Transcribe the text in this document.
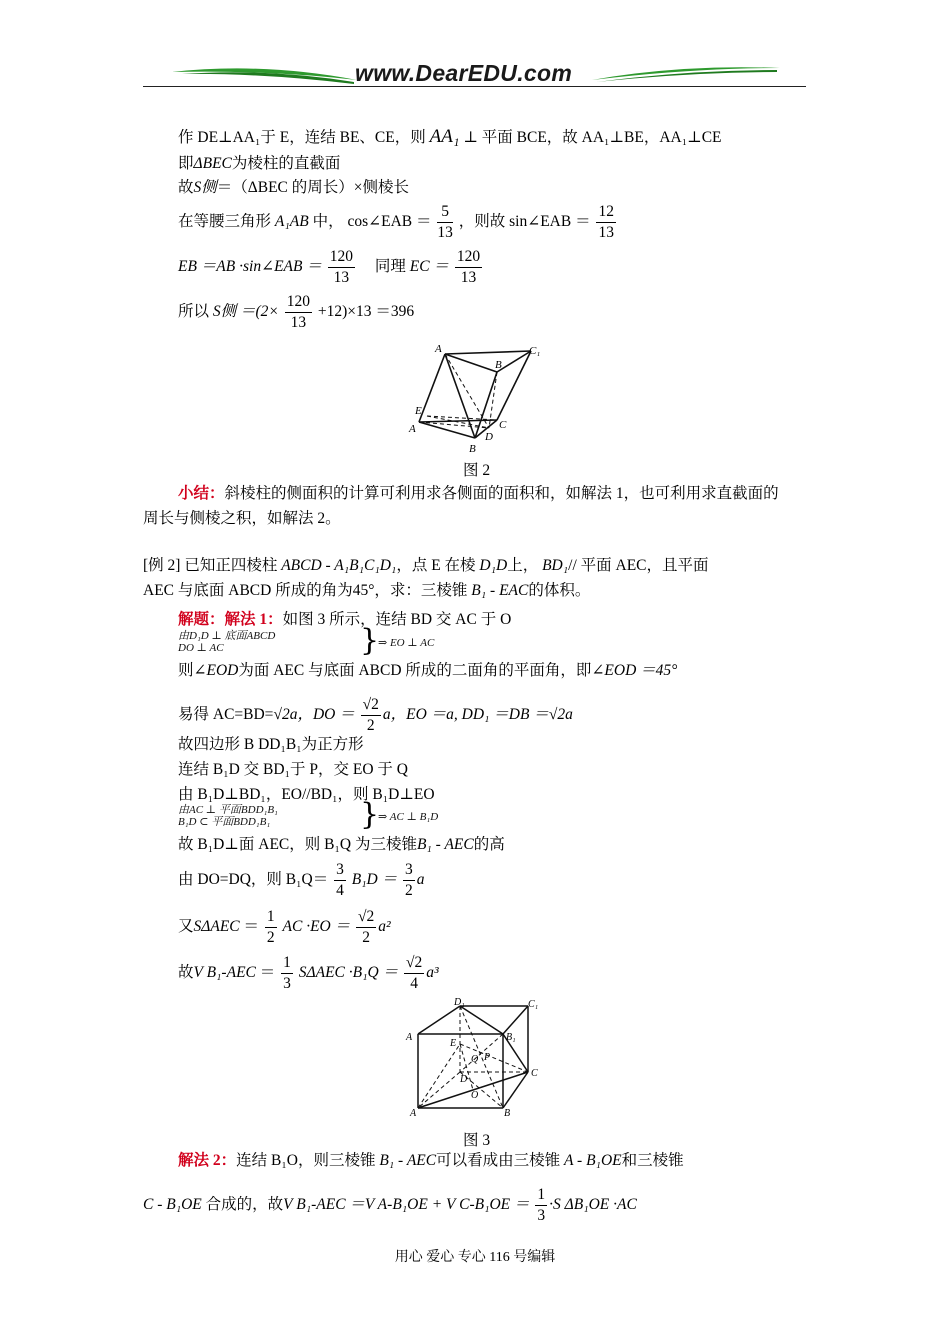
www.DearEDU.com
作 DE⊥AA₁于 E，连结 BE、CE，则 AA₁ ⊥ 平面 BCE，故 AA₁⊥BE，AA₁⊥CE
即ΔBEC为棱柱的直截面
故S侧＝（ΔBEC 的周长）×侧棱长
在等腰三角形 A₁AB 中， cos∠EAB ＝ $\frac{5}{13}$ ，则故 sin∠EAB ＝ $\frac{12}{13}$
EB ＝AB ·sin∠EAB ＝ $\frac{120}{13}$ 同理 EC ＝ $\frac{120}{13}$
所以 S侧 $=(2\times \frac{120}{13} +12)\times 13 =396$
A	C₁
B
E
A	C
D
B
图 2
小结：斜棱柱的侧面积的计算可利用求各侧面的面积和，如解法 1，也可利用求直截面的
周长与侧棱之积，如解法 2。
[例 2] 已知正四棱柱 ABCD - A₁B₁C₁D₁，点 E 在棱 D₁D上， BD₁// 平面 AEC，且平面
AEC 与底面 ABCD 所成的角为45°，求：三棱锥 B₁ - EAC的体积。
解题：解法 1：如图 3 所示，连结 BD 交 AC 于 O
由D₁D ⊥ 底面ABCD
DO ⊥ AC	}
⇒ EO ⊥ AC
则∠EOD为面 AEC 与底面 ABCD 所成的二面角的平面角，即∠EOD ＝45°
易得 AC=BD=√2a，DO ＝ $\frac{√2}{2}$ a，EO ＝a, DD₁ ＝DB ＝√2a
故四边形 B DD₁B₁为正方形
连结 B₁D 交 BD₁于 P，交 EO 于 Q
由 B₁D⊥BD₁，EO//BD₁，则 B₁D⊥EO
由AC ⊥ 平面BDD₁B₁
B₁D ⊂ 平面BDD₁B₁	}
⇒ AC ⊥ B₁D
故 B₁D⊥面 AEC，则 B₁Q 为三棱锥B₁ - AEC的高
由 DO=DQ，则 $B_1Q= \frac{3}{4} B_1D = \frac{3}{2}$ a
又$S\Delta AEC = \frac{1}{2}$ AC $\cdot EO = \frac{√2}{2} a^2$
故V $B_1-AEC = \frac{1}{3}$ $S\Delta AEC \cdot B_1Q = \frac{√2}{4} a^3$
D₁	C₁
A	B₁
E
Q P
C
D
O
A	B
图 3
解法 2：连结 B₁O，则三棱锥 B₁ - AEC可以看成由三棱锥 A - B₁OE和三棱锥
C - B₁OE 合成的，故V B₁-AEC ＝V A-B₁OE + V $C-B_1OE = \frac{1}{3} \cdot S$ ΔB₁OE ·AC
用心 爱心 专心 116 号编辑
